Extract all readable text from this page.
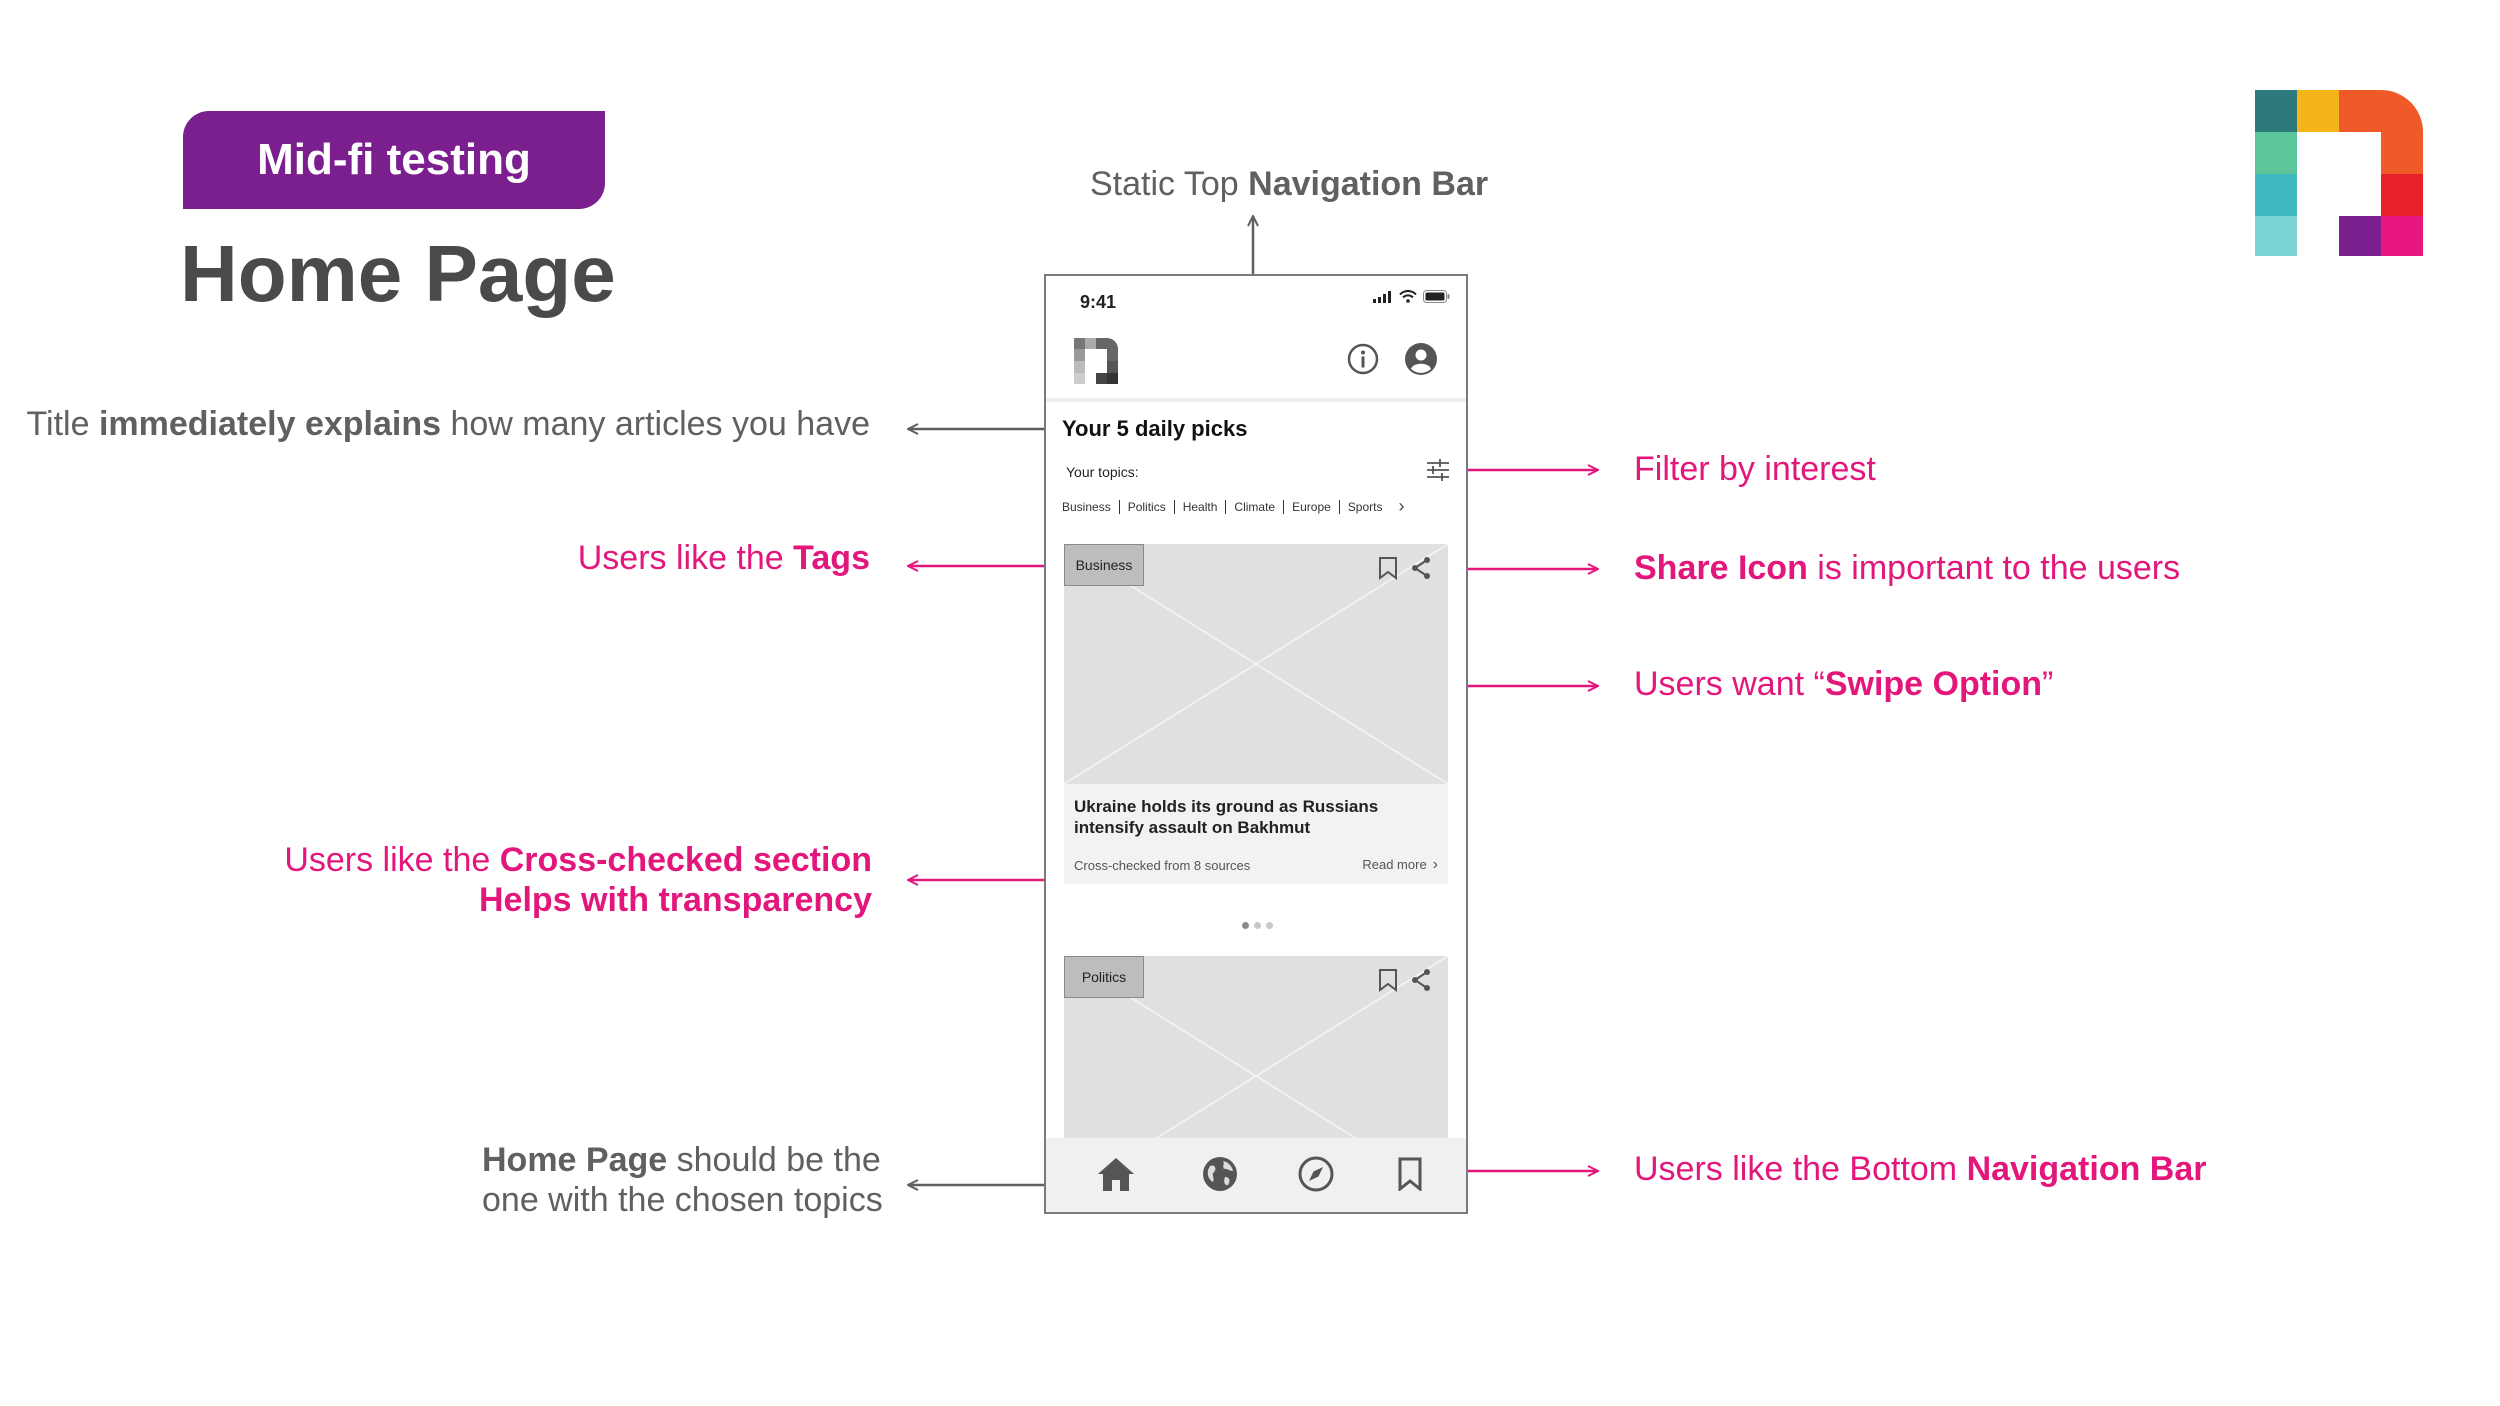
Mid-fi testing
Home Page
Static Top Navigation Bar
Title immediately explains how many articles you have
Users like the Tags
Users like the Cross-checked section
Helps with transparency
Home Page should be the
one with the chosen topics
Filter by interest
Share Icon is important to the users
Users want “Swipe Option”
Users like the Bottom Navigation Bar
9:41
Your 5 daily picks
Your topics:
Business	Politics	Health	Climate	Europe	Sports ›
Business
Ukraine holds its ground as Russians intensify assault on Bakhmut
Cross-checked from 8 sources	Read more ›
Politics
